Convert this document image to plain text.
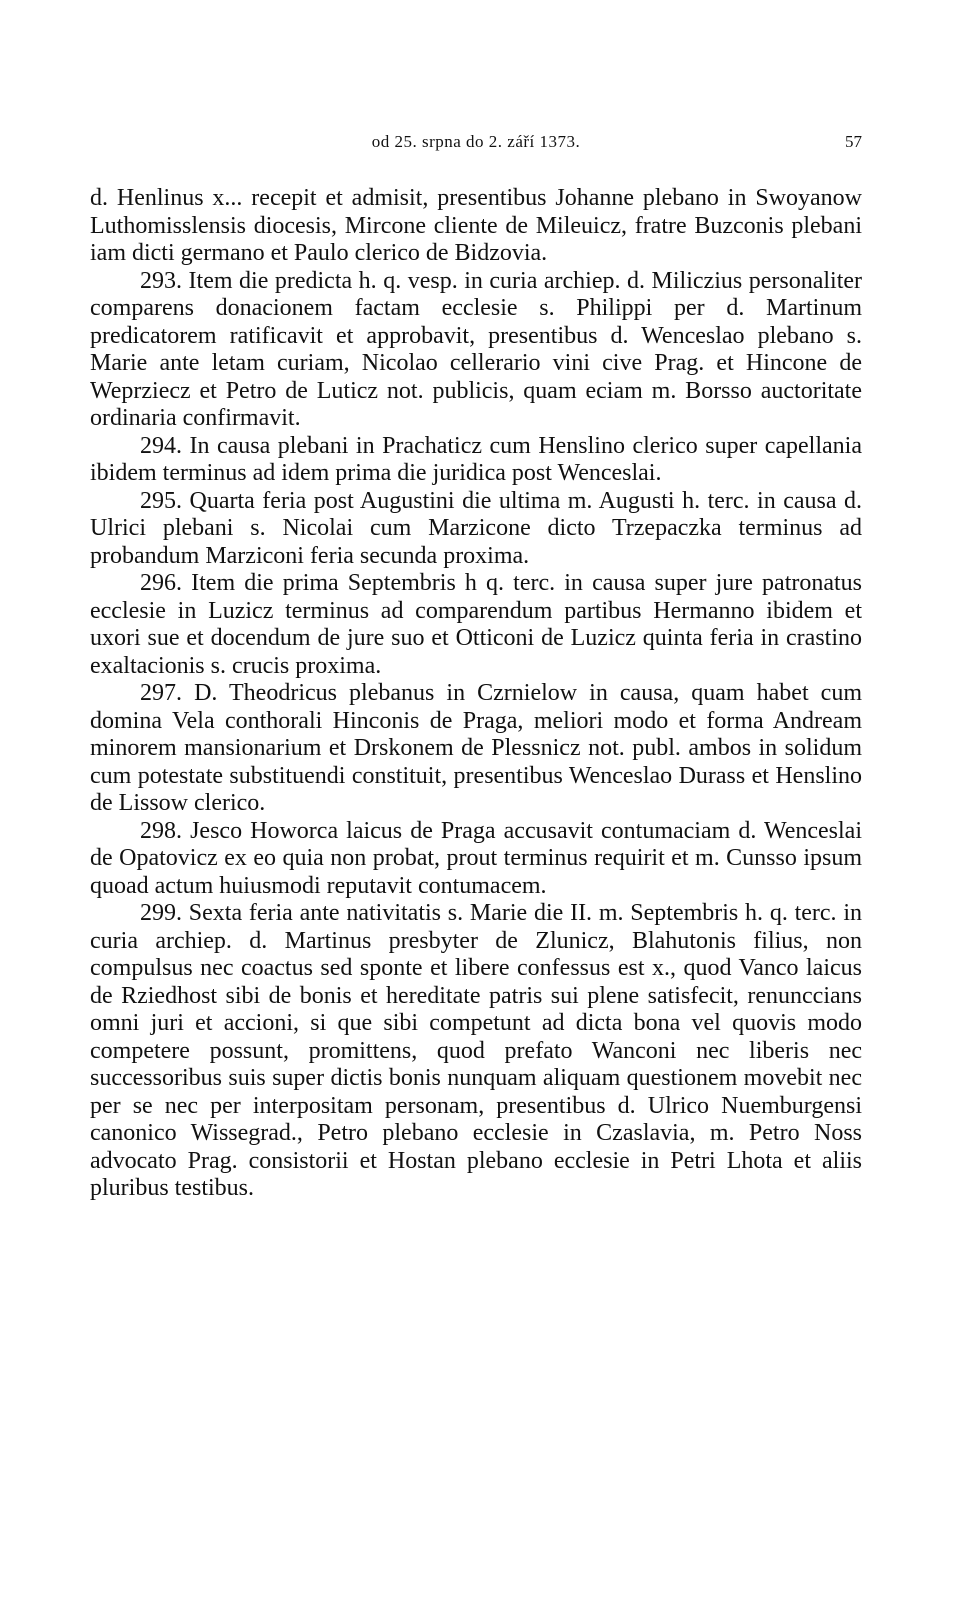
od 25. srpna do 2. září 1373.	57

d. Henlinus x... recepit et admisit, presentibus Johanne plebano in Swoyanow Luthomisslensis diocesis, Mircone cliente de Mileuicz, fratre Buzconis plebani iam dicti germano et Paulo clerico de Bidzovia.

293. Item die predicta h. q. vesp. in curia archiep. d. Miliczius personaliter comparens donacionem factam ecclesie s. Philippi per d. Martinum predicatorem ratificavit et approbavit, presentibus d. Wenceslao plebano s. Marie ante letam curiam, Nicolao cellerario vini cive Prag. et Hincone de Weprziecz et Petro de Luticz not. publicis, quam eciam m. Borsso auctoritate ordinaria confirmavit.

294. In causa plebani in Prachaticz cum Henslino clerico super capellania ibidem terminus ad idem prima die juridica post Wenceslai.

295. Quarta feria post Augustini die ultima m. Augusti h. terc. in causa d. Ulrici plebani s. Nicolai cum Marzicone dicto Trzepaczka terminus ad probandum Marziconi feria secunda proxima.

296. Item die prima Septembris h q. terc. in causa super jure patronatus ecclesie in Luzicz terminus ad comparendum partibus Hermanno ibidem et uxori sue et docendum de jure suo et Otticoni de Luzicz quinta feria in crastino exaltacionis s. crucis proxima.

297. D. Theodricus plebanus in Czrnielow in causa, quam habet cum domina Vela conthorali Hinconis de Praga, meliori modo et forma Andream minorem mansionarium et Drskonem de Plessnicz not. publ. ambos in solidum cum potestate substituendi constituit, presentibus Wenceslao Durass et Henslino de Lissow clerico.

298. Jesco Howorca laicus de Praga accusavit contumaciam d. Wenceslai de Opatovicz ex eo quia non probat, prout terminus requirit et m. Cunsso ipsum quoad actum huiusmodi reputavit contumacem.

299. Sexta feria ante nativitatis s. Marie die II. m. Septembris h. q. terc. in curia archiep. d. Martinus presbyter de Zlunicz, Blahutonis filius, non compulsus nec coactus sed sponte et libere confessus est x., quod Vanco laicus de Rziedhost sibi de bonis et hereditate patris sui plene satisfecit, renunccians omni juri et accioni, si que sibi competunt ad dicta bona vel quovis modo competere possunt, promittens, quod prefato Wanconi nec liberis nec successoribus suis super dictis bonis nunquam aliquam questionem movebit nec per se nec per interpositam personam, presentibus d. Ulrico Nuemburgensi canonico Wissegrad., Petro plebano ecclesie in Czaslavia, m. Petro Noss advocato Prag. consistorii et Hostan plebano ecclesie in Petri Lhota et aliis pluribus testibus.
